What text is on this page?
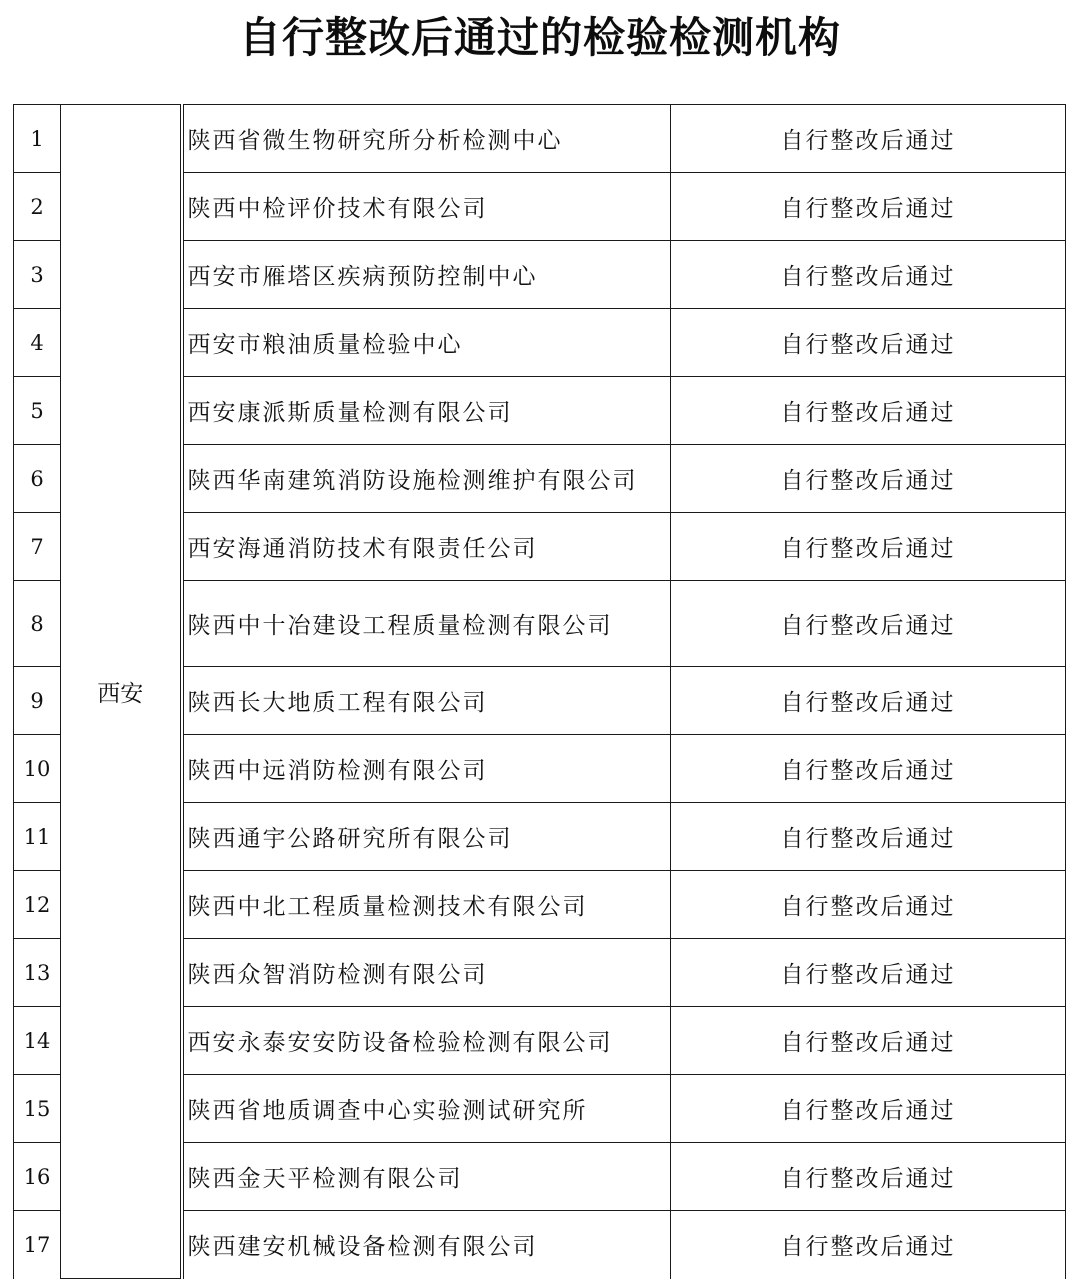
自行整改后通过的检验检测机构
1	西安	陕西省微生物研究所分析检测中心	自行整改后通过
2		陕西中检评价技术有限公司	自行整改后通过
3		西安市雁塔区疾病预防控制中心	自行整改后通过
4		西安市粮油质量检验中心	自行整改后通过
5		西安康派斯质量检测有限公司	自行整改后通过
6		陕西华南建筑消防设施检测维护有限公司	自行整改后通过
7		西安海通消防技术有限责任公司	自行整改后通过
8		陕西中十冶建设工程质量检测有限公司	自行整改后通过
9		陕西长大地质工程有限公司	自行整改后通过
10		陕西中远消防检测有限公司	自行整改后通过
11		陕西通宇公路研究所有限公司	自行整改后通过
12		陕西中北工程质量检测技术有限公司	自行整改后通过
13		陕西众智消防检测有限公司	自行整改后通过
14		西安永泰安安防设备检验检测有限公司	自行整改后通过
15		陕西省地质调查中心实验测试研究所	自行整改后通过
16		陕西金天平检测有限公司	自行整改后通过
17		陕西建安机械设备检测有限公司	自行整改后通过
